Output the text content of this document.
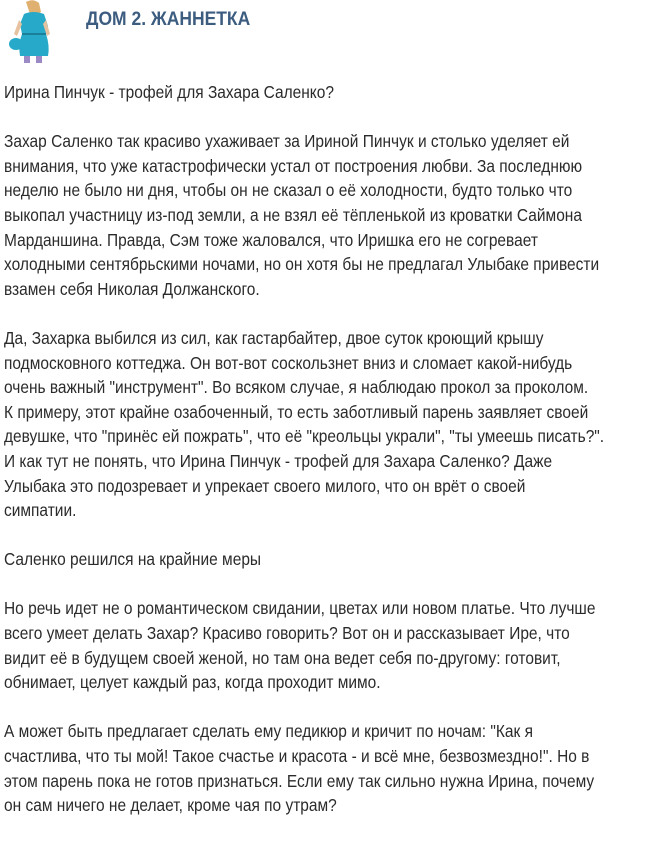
ДОМ 2. ЖАННЕТКА
Ирина Пинчук - трофей для Захара Саленко?
Захар Саленко так красиво ухаживает за Ириной Пинчук и столько уделяет ей
внимания, что уже катастрофически устал от построения любви. За последнюю
неделю не было ни дня, чтобы он не сказал о её холодности, будто только что
выкопал участницу из-под земли, а не взял её тёпленькой из кроватки Саймона
Марданшина. Правда, Сэм тоже жаловался, что Иришка его не согревает
холодными сентябрьскими ночами, но он хотя бы не предлагал Улыбаке привести
взамен себя Николая Должанского.
Да, Захарка выбился из сил, как гастарбайтер, двое суток кроющий крышу
подмосковного коттеджа. Он вот-вот соскользнет вниз и сломает какой-нибудь
очень важный "инструмент". Во всяком случае, я наблюдаю прокол за проколом.
К примеру, этот крайне озабоченный, то есть заботливый парень заявляет своей
девушке, что "принёс ей пожрать", что её "креольцы украли", "ты умеешь писать?".
И как тут не понять, что Ирина Пинчук - трофей для Захара Саленко? Даже
Улыбака это подозревает и упрекает своего милого, что он врёт о своей
симпатии.
Саленко решился на крайние меры
Но речь идет не о романтическом свидании, цветах или новом платье. Что лучше
всего умеет делать Захар? Красиво говорить? Вот он и рассказывает Ире, что
видит её в будущем своей женой, но там она ведет себя по-другому: готовит,
обнимает, целует каждый раз, когда проходит мимо.
А может быть предлагает сделать ему педикюр и кричит по ночам: "Как я
счастлива, что ты мой! Такое счастье и красота - и всё мне, безвозмездно!". Но в
этом парень пока не готов признаться. Если ему так сильно нужна Ирина, почему
он сам ничего не делает, кроме чая по утрам?
